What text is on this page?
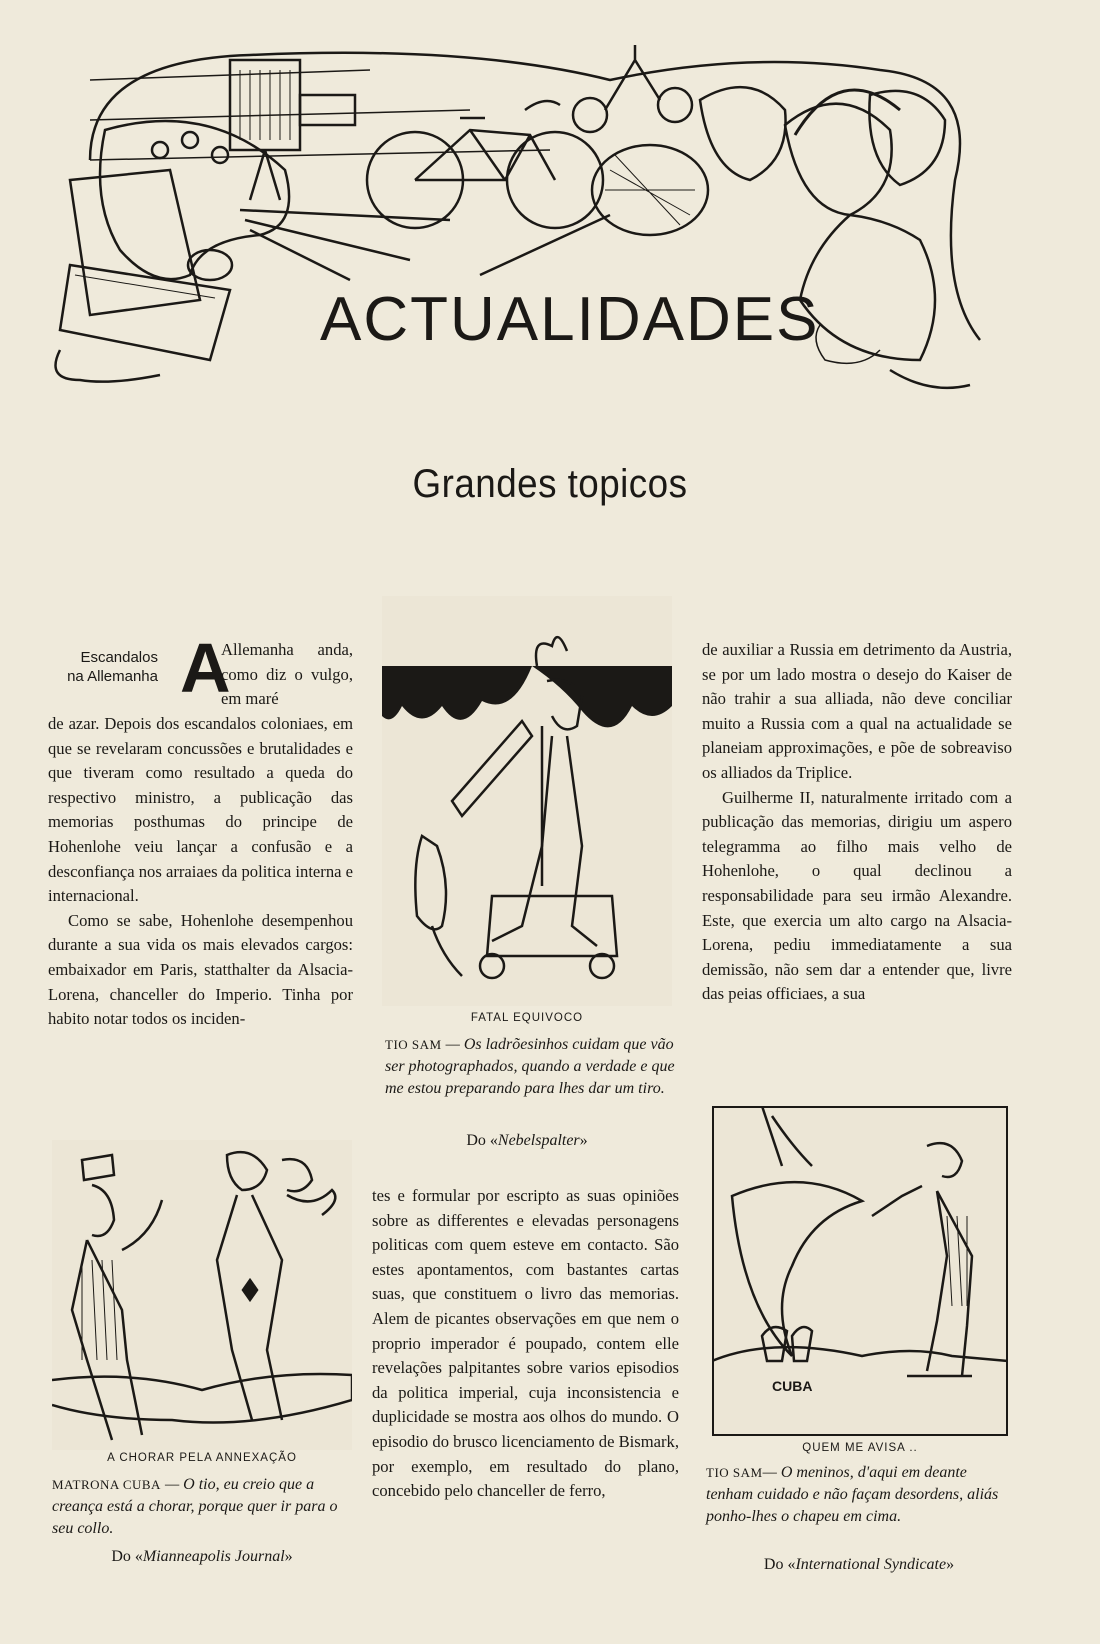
ACTUALIDADES
Grandes topicos
Escandalos
na Allemanha A
Allemanha anda, como diz o vulgo, em maré

de azar. Depois dos escandalos coloniaes, em que se revelaram concussões e brutalidades e que tiveram como resultado a queda do respectivo ministro, a publicação das memorias posthumas do principe de Hohenlohe veiu lançar a confusão e a desconfiança nos arraiaes da politica interna e internacional.

Como se sabe, Hohenlohe desempenhou durante a sua vida os mais elevados cargos: embaixador em Paris, statthalter da Alsacia-Lorena, chanceller do Imperio. Tinha por habito notar todos os inciden-	FATAL EQUIVOCO
TIO SAM — Os ladrõesinhos cuidam que vão ser photographados, quando a verdade e que me estou preparando para lhes dar um tiro.
Do «Nebelspalter»

tes e formular por escripto as suas opiniões sobre as differentes e elevadas personagens politicas com quem esteve em contacto. São estes apontamentos, com bastantes cartas suas, que constituem o livro das memorias. Alem de picantes observações em que nem o proprio imperador é poupado, contem elle revelações palpitantes sobre varios episodios da politica imperial, cuja inconsistencia e duplicidade se mostra aos olhos do mundo. O episodio do brusco licenciamento de Bismark, por exemplo, em resultado do plano, concebido pelo chanceller de ferro,

de auxiliar a Russia em detrimento da Austria, se por um lado mostra o desejo do Kaiser de não trahir a sua alliada, não deve conciliar muito a Russia com a qual na actualidade se planeiam approximações, e põe de sobreaviso os alliados da Triplice.

Guilherme II, naturalmente irritado com a publicação das memorias, dirigiu um aspero telegramma ao filho mais velho de Hohenlohe, o qual declinou a responsabilidade para seu irmão Alexandre. Este, que exercia um alto cargo na Alsacia-Lorena, pediu immediatamente a sua demissão, não sem dar a entender que, livre das peias officiaes, a sua

A CHORAR PELA ANNEXAÇÃO
MATRONA CUBA — O tio, eu creio que a creança está a chorar, porque quer ir para o seu collo.
Do «Mianneapolis Journal»
CUBA
QUEM ME AVISA ..
TIO SAM— O meninos, d'aqui em deante tenham cuidado e não façam desordens, aliás ponho-lhes o chapeu em cima.
Do «International Syndicate»
